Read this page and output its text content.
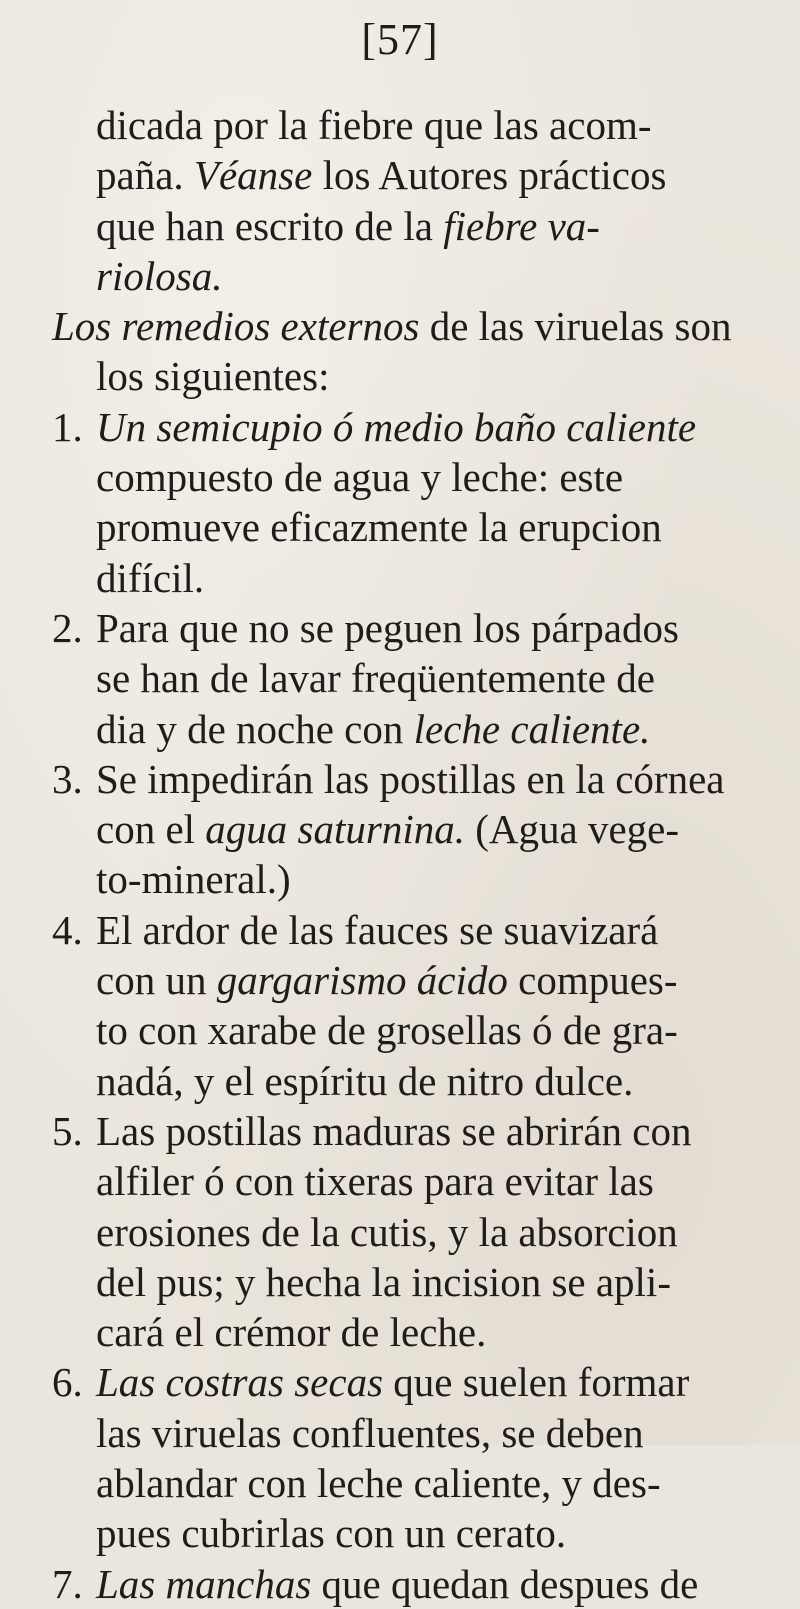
[57]
dicada por la fiebre que las acom-
paña. Véanse los Autores prácticos
que han escrito de la fiebre va-
riolosa.
Los remedios externos de las viruelas son
los siguientes:
1. Un semicupio ó medio baño caliente
compuesto de agua y leche: este
promueve eficazmente la erupcion
difícil.
2. Para que no se peguen los párpados
se han de lavar freqüentemente de
dia y de noche con leche caliente.
3. Se impedirán las postillas en la córnea
con el agua saturnina. (Agua vege-
to-mineral.)
4. El ardor de las fauces se suavizará
con un gargarismo ácido compues-
to con xarabe de grosellas ó de gra-
nadá, y el espíritu de nitro dulce.
5. Las postillas maduras se abrirán con
alfiler ó con tixeras para evitar las
erosiones de la cutis, y la absorcion
del pus; y hecha la incision se apli-
cará el crémor de leche.
6. Las costras secas que suelen formar
las viruelas confluentes, se deben
ablandar con leche caliente, y des-
pues cubrirlas con un cerato.
7. Las manchas que quedan despues de
